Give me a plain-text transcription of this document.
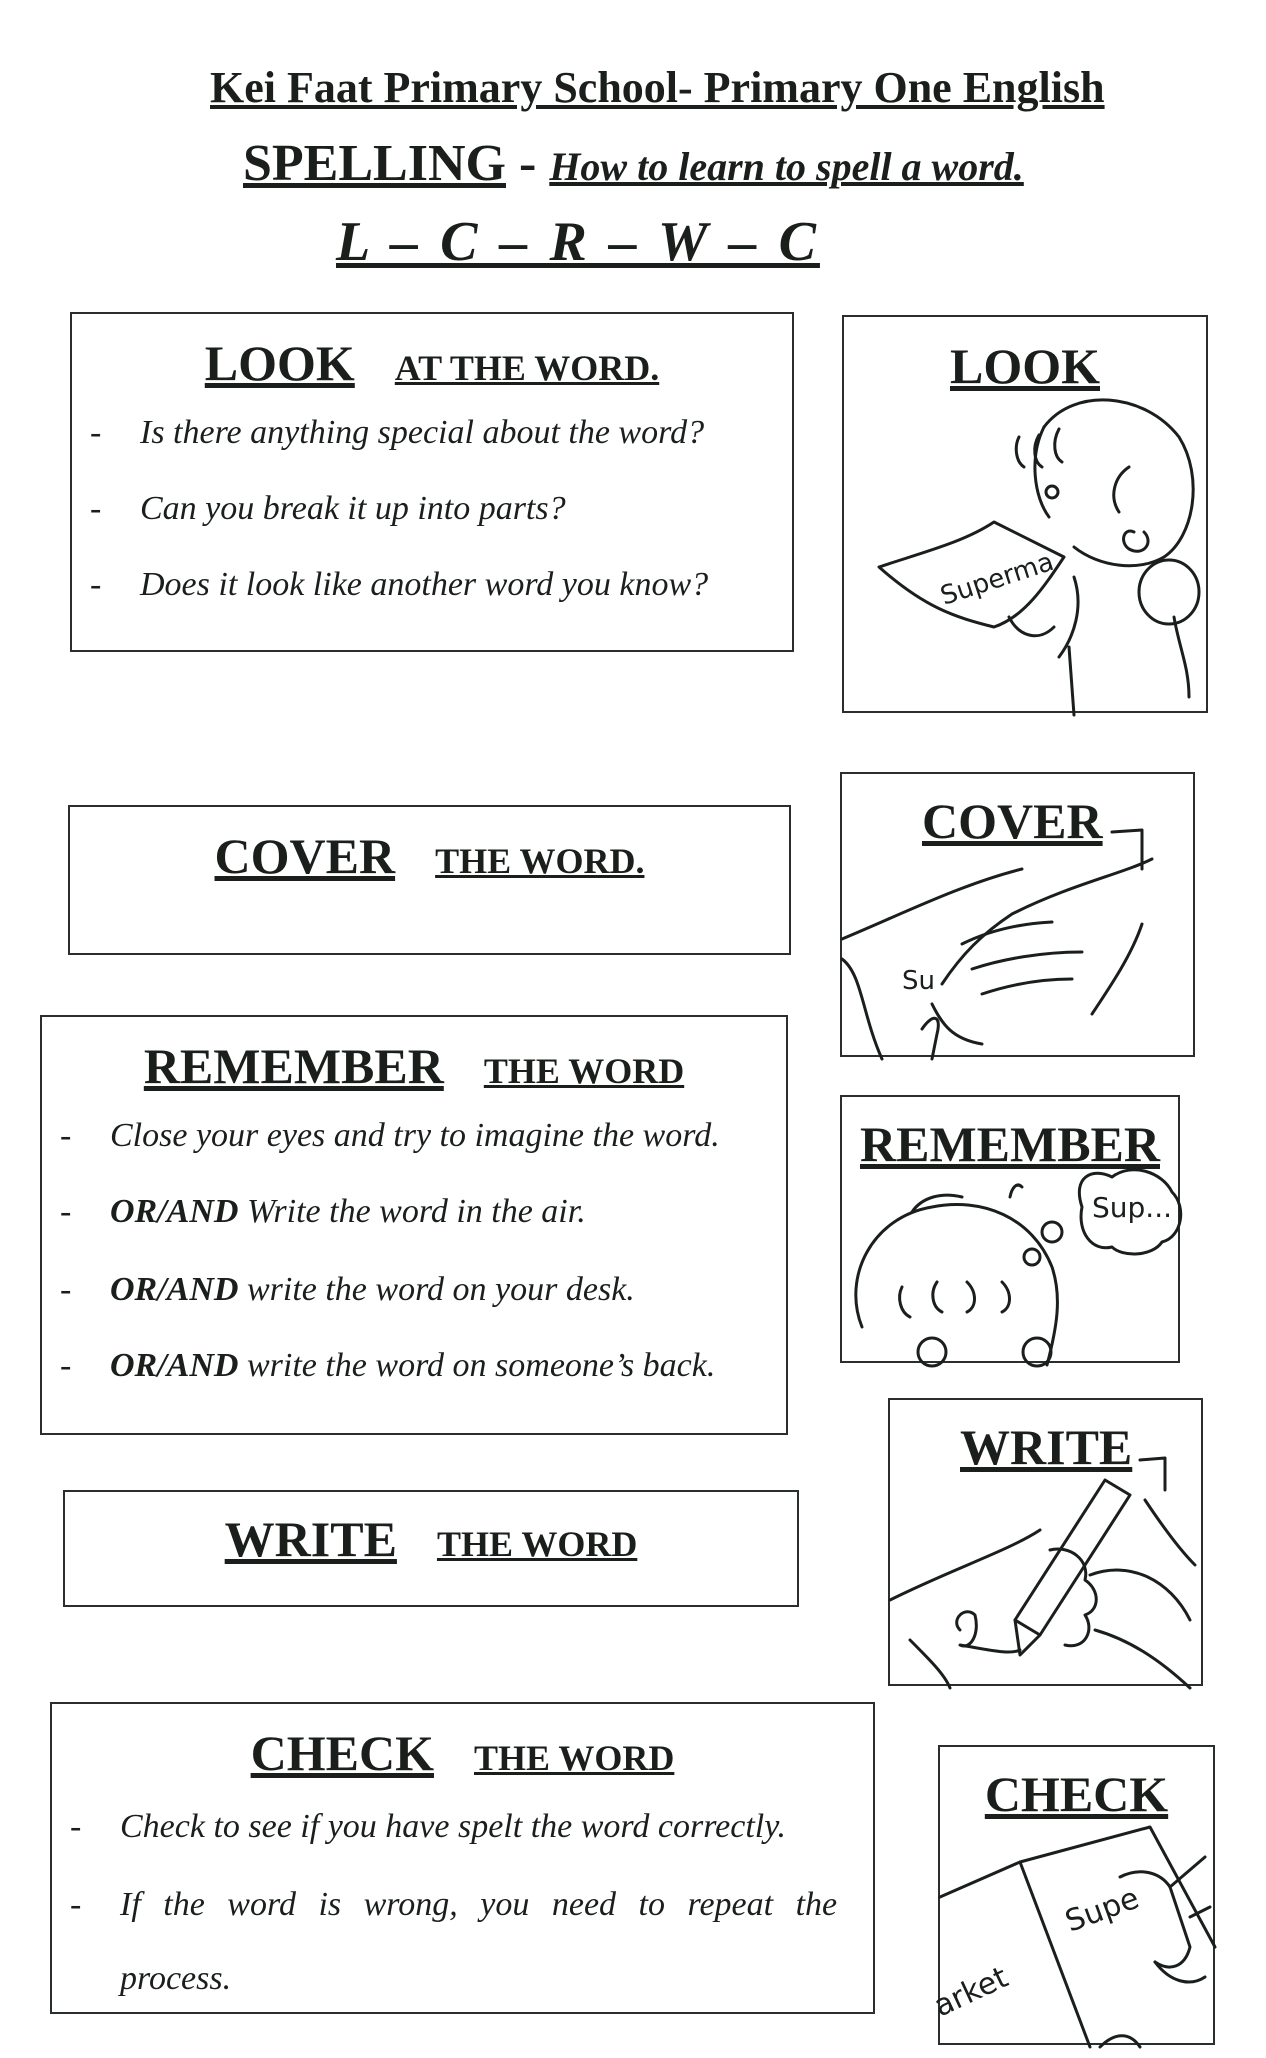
Kei Faat Primary School- Primary One English
SPELLING - How to learn to spell a word.
L – C – R – W – C
LOOK AT THE WORD.
- Is there anything special about the word?
- Can you break it up into parts?
- Does it look like another word you know?
LOOK
Superma
COVER THE WORD.
COVER
Su
REMEMBER THE WORD
- Close your eyes and try to imagine the word.
- OR/AND Write the word in the air.
- OR/AND write the word on your desk.
- OR/AND write the word on someone’s back.
REMEMBER
Sup...
WRITE THE WORD
WRITE
CHECK THE WORD
- Check to see if you have spelt the word correctly.
- If the word is wrong, you need to repeat the
process.
CHECK
arket
Supe
